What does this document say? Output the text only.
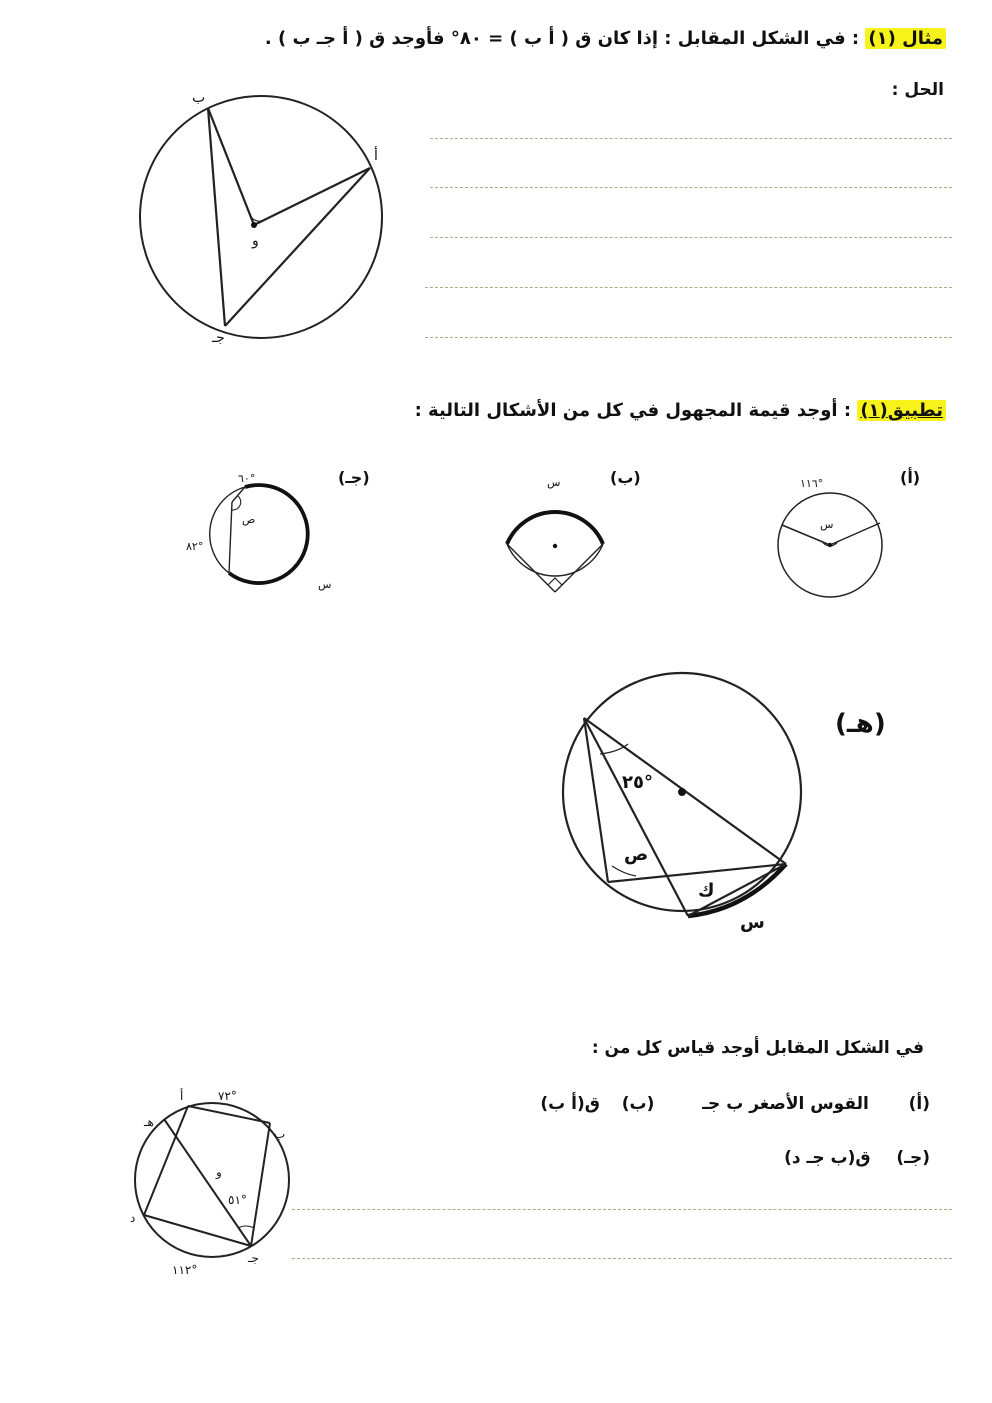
مثال (١) : في الشكل المقابل : إذا كان ق ( أ ب ) = ٨٠° فأوجد ق ( أ جـ ب ) .
الحل :
ب
أ
و
جـ
تطبيق(١) : أوجد قيمة المجهول في كل من الأشكال التالية :
س
١١٦°	(أ)
س	(ب)
٦٠°
٨٢°
ص
س
(جـ)
٢٥°
ص
ك
س
(هـ)
في الشكل المقابل أوجد قياس كل من :
(أ)  القوس الأصغر ب جـ  (ب)  ق(أ ب)
(جـ)  ق(ب جـ د)
أ	٧٢°
ب
هـ
و
٥١°
د
جـ
١١٢°
